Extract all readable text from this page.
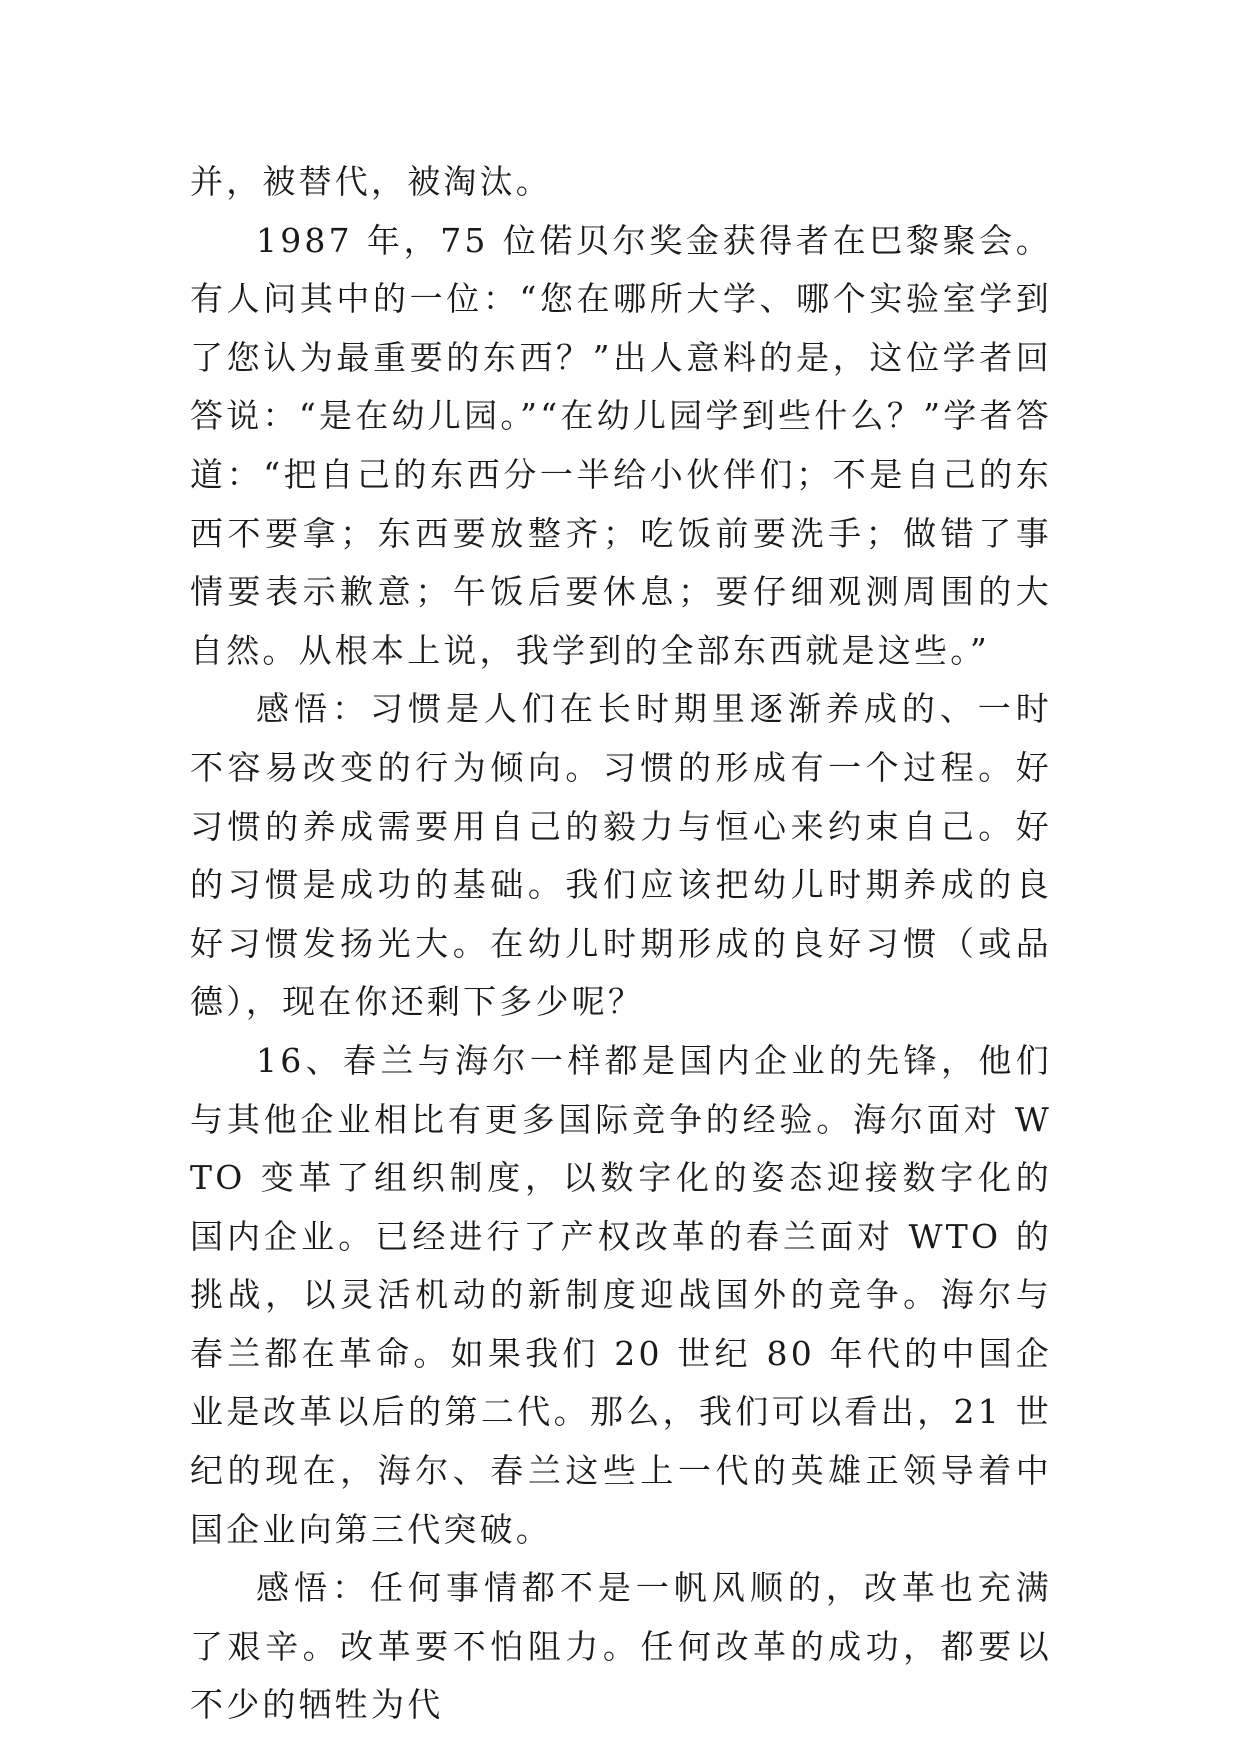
并，被替代，被淘汰。

1987 年，75 位偌贝尔奖金获得者在巴黎聚会。有人问其中的一位：“您在哪所大学、哪个实验室学到了您认为最重要的东西？”出人意料的是，这位学者回答说：“是在幼儿园。”“在幼儿园学到些什么？”学者答道：“把自己的东西分一半给小伙伴们；不是自己的东西不要拿；东西要放整齐；吃饭前要洗手；做错了事情要表示歉意；午饭后要休息；要仔细观测周围的大自然。从根本上说，我学到的全部东西就是这些。”

感悟：习惯是人们在长时期里逐渐养成的、一时不容易改变的行为倾向。习惯的形成有一个过程。好习惯的养成需要用自己的毅力与恒心来约束自己。好的习惯是成功的基础。我们应该把幼儿时期养成的良好习惯发扬光大。在幼儿时期形成的良好习惯（或品德），现在你还剩下多少呢？

16、春兰与海尔一样都是国内企业的先锋，他们与其他企业相比有更多国际竞争的经验。海尔面对 WTO 变革了组织制度，以数字化的姿态迎接数字化的国内企业。已经进行了产权改革的春兰面对 WTO 的挑战，以灵活机动的新制度迎战国外的竞争。海尔与春兰都在革命。如果我们 20 世纪 80 年代的中国企业是改革以后的第二代。那么，我们可以看出，21 世纪的现在，海尔、春兰这些上一代的英雄正领导着中国企业向第三代突破。

感悟：任何事情都不是一帆风顺的，改革也充满了艰辛。改革要不怕阻力。任何改革的成功，都要以不少的牺牲为代
